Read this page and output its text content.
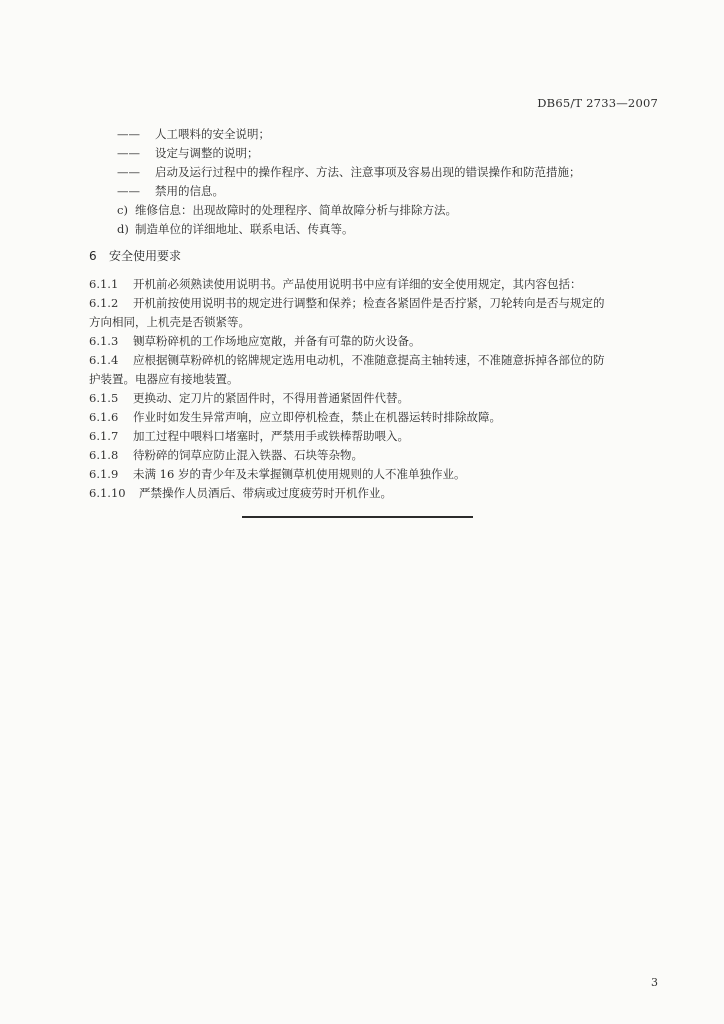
DB65/T 2733—2007
—— 人工喂料的安全说明；
—— 设定与调整的说明；
—— 启动及运行过程中的操作程序、方法、注意事项及容易出现的错误操作和防范措施；
—— 禁用的信息。
c) 维修信息：出现故障时的处理程序、简单故障分析与排除方法。
d) 制造单位的详细地址、联系电话、传真等。
6 安全使用要求
6.1.1 开机前必须熟读使用说明书。产品使用说明书中应有详细的安全使用规定，其内容包括：
6.1.2 开机前按使用说明书的规定进行调整和保养；检查各紧固件是否拧紧，刀轮转向是否与规定的
方向相同，上机壳是否锁紧等。
6.1.3 铡草粉碎机的工作场地应宽敞，并备有可靠的防火设备。
6.1.4 应根据铡草粉碎机的铭牌规定选用电动机，不准随意提高主轴转速，不准随意拆掉各部位的防
护装置。电器应有接地装置。
6.1.5 更换动、定刀片的紧固件时，不得用普通紧固件代替。
6.1.6 作业时如发生异常声响，应立即停机检查，禁止在机器运转时排除故障。
6.1.7 加工过程中喂料口堵塞时，严禁用手或铁棒帮助喂入。
6.1.8 待粉碎的饲草应防止混入铁器、石块等杂物。
6.1.9 未满 16 岁的青少年及未掌握铡草机使用规则的人不准单独作业。
6.1.10 严禁操作人员酒后、带病或过度疲劳时开机作业。
3
